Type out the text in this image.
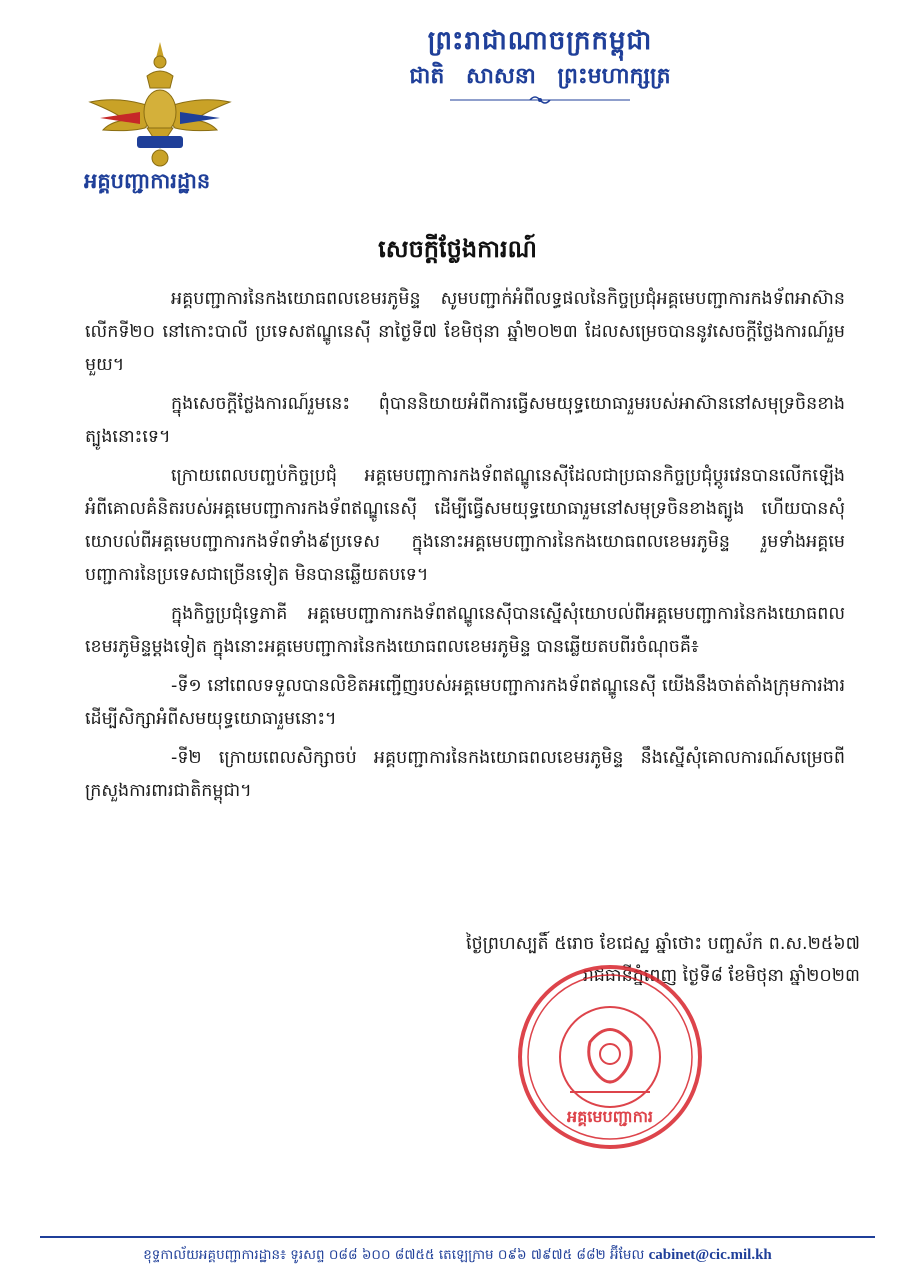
អគ្គបញ្ជាការដ្ឋាន
ព្រះរាជាណាចក្រកម្ពុជា
ជាតិ សាសនា ព្រះមហាក្សត្រ
សេចក្តីថ្លែងការណ៍

អគ្គបញ្ជាការនៃកងយោធពលខេមរភូមិន្ទ សូមបញ្ជាក់អំពីលទ្ធផលនៃកិច្ចប្រជុំអគ្គមេបញ្ជាការកងទ័ពអាស៊ានលើកទី២០ នៅកោះបាលី ប្រទេសឥណ្ឌូនេស៊ី នាថ្ងៃទី៧ ខែមិថុនា ឆ្នាំ២០២៣ ដែលសម្រេចបាននូវសេចក្តីថ្លែងការណ៍រួមមួយ។

ក្នុងសេចក្តីថ្លែងការណ៍រួមនេះ ពុំបាននិយាយអំពីការធ្វើសមយុទ្ធយោធារួមរបស់អាស៊ាននៅសមុទ្រចិនខាងត្បូងនោះទេ។

ក្រោយពេលបញ្ចប់កិច្ចប្រជុំ អគ្គមេបញ្ជាការកងទ័ពឥណ្ឌូនេស៊ីដែលជាប្រធានកិច្ចប្រជុំប្តូរវេនបានលើកឡើងអំពីគោលគំនិតរបស់អគ្គមេបញ្ជាការកងទ័ពឥណ្ឌូនេស៊ី ដើម្បីធ្វើសមយុទ្ធយោធារួមនៅសមុទ្រចិនខាងត្បូង ហើយបានសុំយោបល់ពីអគ្គមេបញ្ជាការកងទ័ពទាំង៩ប្រទេស ក្នុងនោះអគ្គមេបញ្ជាការនៃកងយោធពលខេមរភូមិន្ទ រួមទាំងអគ្គមេបញ្ជាការនៃប្រទេសជាច្រើនទៀត មិនបានឆ្លើយតបទេ។

ក្នុងកិច្ចប្រជុំទ្វេភាគី អគ្គមេបញ្ជាការកងទ័ពឥណ្ឌូនេស៊ីបានស្នើសុំយោបល់ពីអគ្គមេបញ្ជាការនៃកងយោធពលខេមរភូមិន្ទម្តងទៀត ក្នុងនោះអគ្គមេបញ្ជាការនៃកងយោធពលខេមរភូមិន្ទ បានឆ្លើយតបពីរចំណុចគឺ៖

-ទី១ នៅពេលទទួលបានលិខិតអញ្ជើញរបស់អគ្គមេបញ្ជាការកងទ័ពឥណ្ឌូនេស៊ី យើងនឹងចាត់តាំងក្រុមការងារដើម្បីសិក្សាអំពីសមយុទ្ធយោធារួមនោះ។

-ទី២ ក្រោយពេលសិក្សាចប់ អគ្គបញ្ជាការនៃកងយោធពលខេមរភូមិន្ទ នឹងស្នើសុំគោលការណ៍សម្រេចពីក្រសួងការពារជាតិកម្ពុជា។

ថ្ងៃព្រហស្បតិ៍ ៥រោច ខែជេស្ឋ ឆ្នាំថោះ បញ្ចស័ក ព.ស.២៥៦៧
រាជធានីភ្នំពេញ ថ្ងៃទី៨ ខែមិថុនា ឆ្នាំ២០២៣
អគ្គមេបញ្ជាការ
ខុទ្ទកាល័យអគ្គបញ្ជាការដ្ឋាន៖ ទូរសព្ទ ០៨៨ ៦០០ ៨៧៥៥ តេឡេក្រាម ០៩៦ ៧៩៧៥ ៨៨២ អ៊ីមែល cabinet@cic.mil.kh
